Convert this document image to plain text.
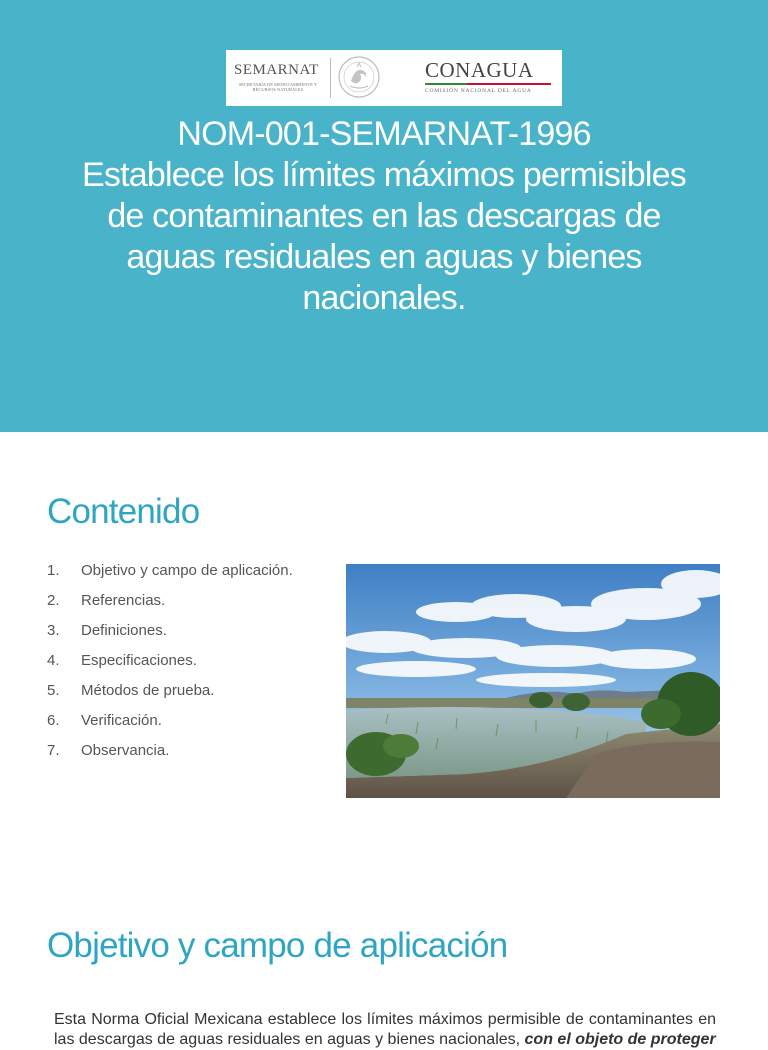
SEMARNAT
SECRETARÍA DE MEDIO AMBIENTE Y RECURSOS NATURALES
CONAGUA
COMISIÓN NACIONAL DEL AGUA
NOM-001-SEMARNAT-1996
Establece los límites máximos permisibles
de contaminantes en las descargas de
aguas residuales en aguas y bienes
nacionales.
Contenido
1.	Objetivo y campo de aplicación.
2.	Referencias.
3.	Definiciones.
4.	Especificaciones.
5.	Métodos de prueba.
6.	Verificación.
7.	Observancia.
Objetivo y campo de aplicación

Esta Norma Oficial Mexicana establece los límites máximos permisible de contaminantes en las descargas de aguas residuales en aguas y bienes nacionales, con el objeto de proteger
